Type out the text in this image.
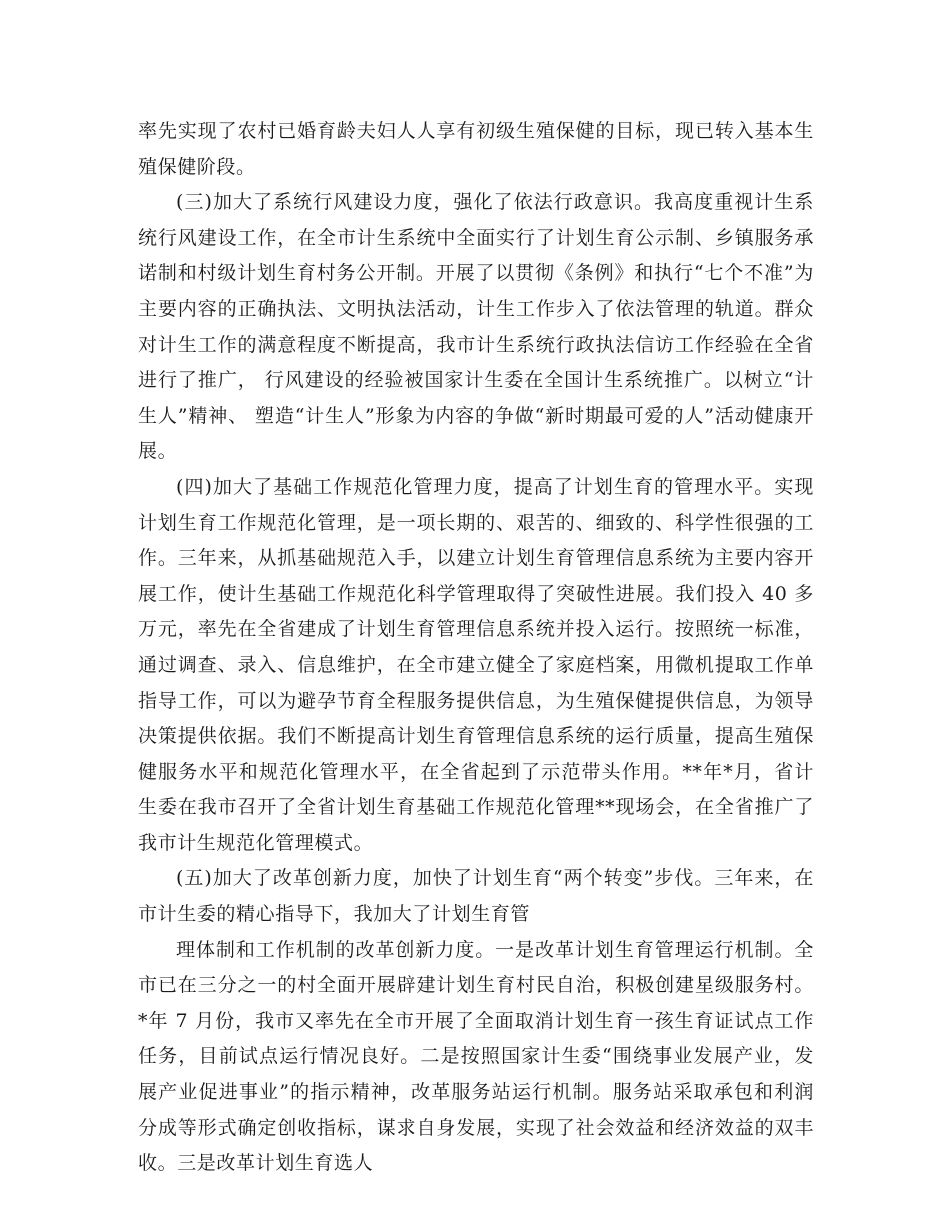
率先实现了农村已婚育龄夫妇人人享有初级生殖保健的目标，现已转入基本生殖保健阶段。

(三)加大了系统行风建设力度，强化了依法行政意识。我高度重视计生系统行风建设工作，在全市计生系统中全面实行了计划生育公示制、乡镇服务承诺制和村级计划生育村务公开制。开展了以贯彻《条例》和执行“七个不准”为主要内容的正确执法、文明执法活动，计生工作步入了依法管理的轨道。群众对计生工作的满意程度不断提高，我市计生系统行政执法信访工作经验在全省进行了推广， 行风建设的经验被国家计生委在全国计生系统推广。以树立“计生人”精神、 塑造“计生人”形象为内容的争做“新时期最可爱的人”活动健康开展。

(四)加大了基础工作规范化管理力度，提高了计划生育的管理水平。实现计划生育工作规范化管理，是一项长期的、艰苦的、细致的、科学性很强的工作。三年来，从抓基础规范入手，以建立计划生育管理信息系统为主要内容开展工作，使计生基础工作规范化科学管理取得了突破性进展。我们投入 40 多万元，率先在全省建成了计划生育管理信息系统并投入运行。按照统一标准，通过调查、录入、信息维护，在全市建立健全了家庭档案，用微机提取工作单指导工作，可以为避孕节育全程服务提供信息，为生殖保健提供信息，为领导决策提供依据。我们不断提高计划生育管理信息系统的运行质量，提高生殖保健服务水平和规范化管理水平，在全省起到了示范带头作用。**年*月，省计生委在我市召开了全省计划生育基础工作规范化管理**现场会，在全省推广了我市计生规范化管理模式。

(五)加大了改革创新力度，加快了计划生育“两个转变”步伐。三年来，在市计生委的精心指导下，我加大了计划生育管

理体制和工作机制的改革创新力度。一是改革计划生育管理运行机制。全市已在三分之一的村全面开展辟建计划生育村民自治，积极创建星级服务村。*年 7 月份，我市又率先在全市开展了全面取消计划生育一孩生育证试点工作任务，目前试点运行情况良好。二是按照国家计生委“围绕事业发展产业，发展产业促进事业”的指示精神，改革服务站运行机制。服务站采取承包和利润分成等形式确定创收指标，谋求自身发展，实现了社会效益和经济效益的双丰收。三是改革计划生育选人
